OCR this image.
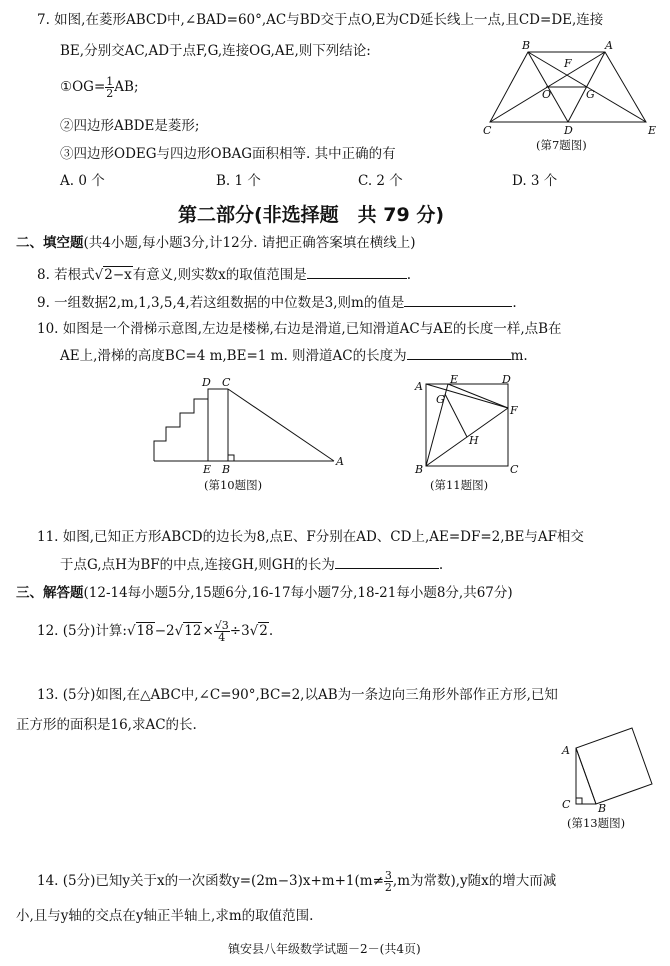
7. 如图,在菱形ABCD中,∠BAD=60°,AC与BD交于点O,E为CD延长线上一点,且CD=DE,连接
BE,分别交AC,AD于点F,G,连接OG,AE,则下列结论:
①OG= $\frac{1}{2}$ AB;
②四边形ABDE是菱形;
③四边形ODEG与四边形OBAG面积相等. 其中正确的有
A. 0 个	B. 1 个	C. 2 个	D. 3 个
B	A
F
O	G
C	D	E
(第7题图)
第二部分(非选择题　共 79 分)
二、填空题(共4小题,每小题3分,计12分. 请把正确答案填在横线上)
8. 若根式√2−x有意义,则实数x的取值范围是	.
9. 一组数据2,m,1,3,5,4,若这组数据的中位数是3,则m的值是	.
10. 如图是一个滑梯示意图,左边是楼梯,右边是滑道,已知滑道AC与AE的长度一样,点B在
AE上,滑梯的高度BC=4 m,BE=1 m. 则滑道AC的长度为	m.
D C
E B
A
(第10题图)
A
E	D
G
F
H
B	C
(第11题图)
11. 如图,已知正方形ABCD的边长为8,点E、F分别在AD、CD上,AE=DF=2,BE与AF相交
于点G,点H为BF的中点,连接GH,则GH的长为	.
三、解答题(12-14每小题5分,15题6分,16-17每小题7分,18-21每小题8分,共67分)
12. (5分)计算:√18−2√12× $\frac{√3}{4} \div 3√2$.
13. (5分)如图,在△ABC中,∠C=90°,BC=2,以AB为一条边向三角形外部作正方形,已知
正方形的面积是16,求AC的长.
A
C	B
(第13题图)
14. (5分)已知y关于x的一次函数$y=(2m-3)x+m+1(m\ne \frac{3}{2} ,m$为常数),y随x的增大而减
小,且与y轴的交点在y轴正半轴上,求m的取值范围.
镇安县八年级数学试题－2－(共4页)
